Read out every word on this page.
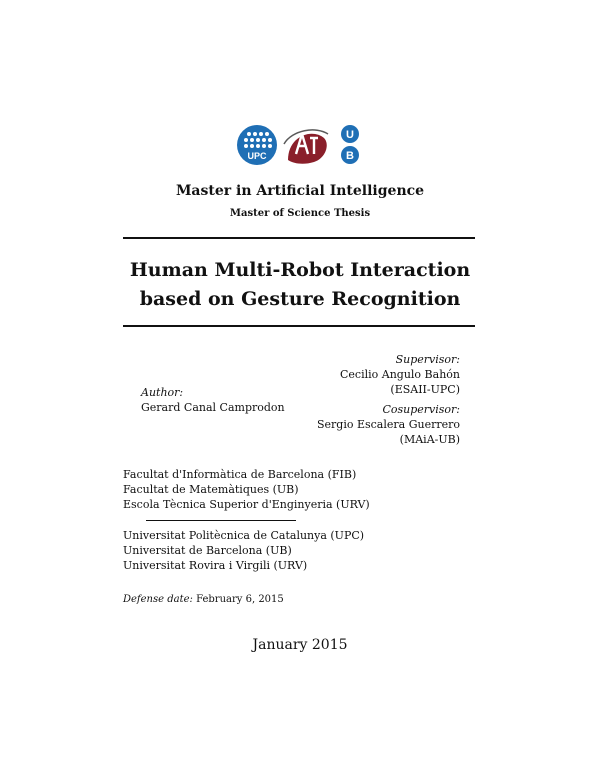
UPC
U
B
Master in Artificial Intelligence
Master of Science Thesis
Human Multi-Robot Interaction
based on Gesture Recognition
Supervisor:
Cecilio Angulo Bahón
(ESAII-UPC)
Cosupervisor:
Sergio Escalera Guerrero
(MAiA-UB)
Author:
Gerard Canal Camprodon
Facultat d'Informàtica de Barcelona (FIB)
Facultat de Matemàtiques (UB)
Escola Tècnica Superior d'Enginyeria (URV)
Universitat Politècnica de Catalunya (UPC)
Universitat de Barcelona (UB)
Universitat Rovira i Virgili (URV)
Defense date: February 6, 2015
January 2015
